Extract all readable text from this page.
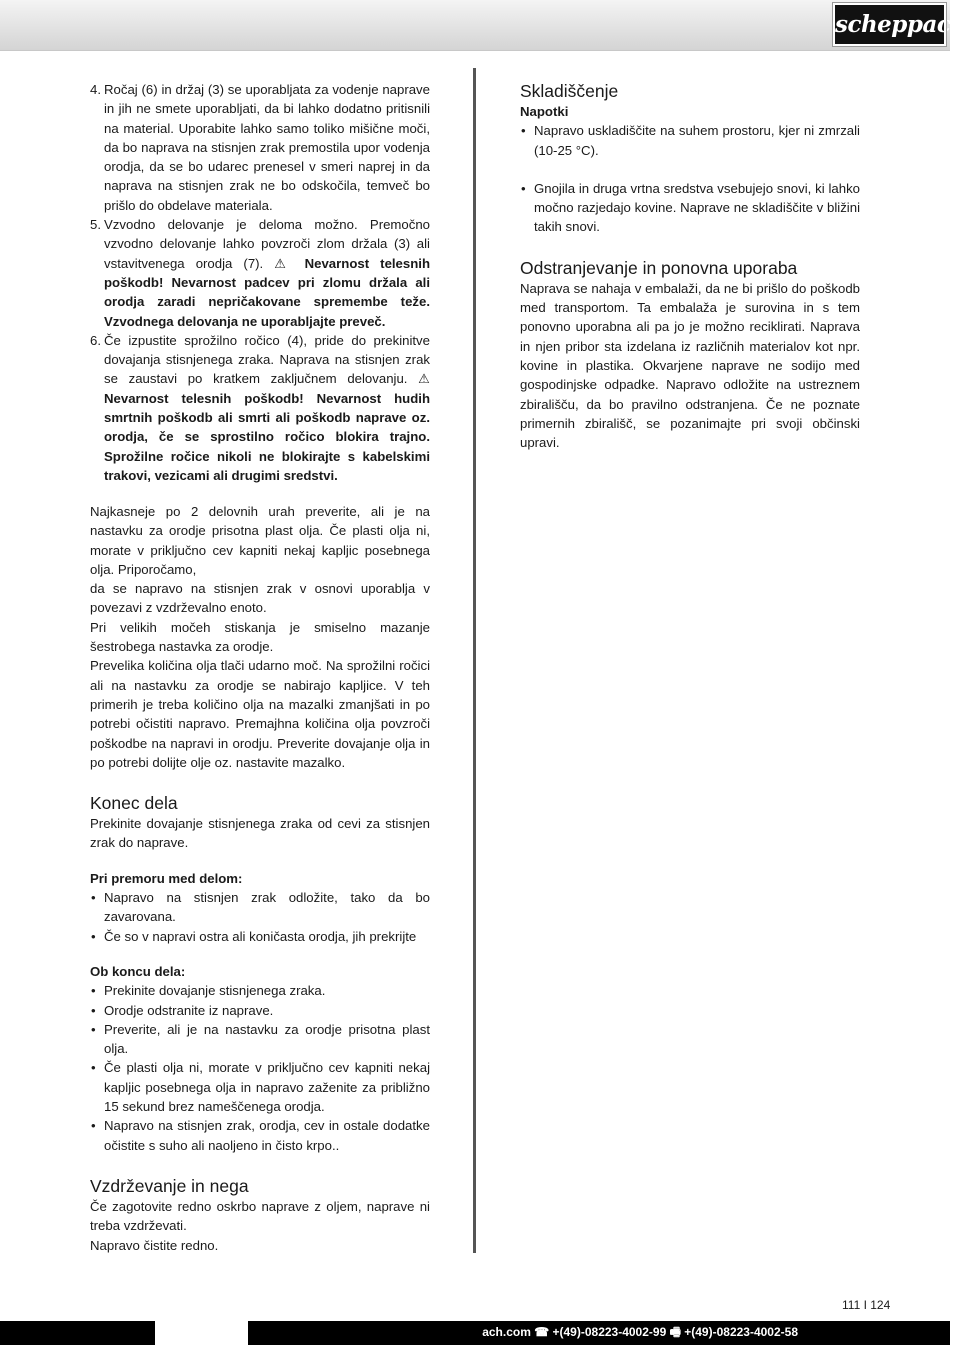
scheppach
4. Ročaj (6) in držaj (3) se uporabljata za vodenje naprave in jih ne smete uporabljati, da bi lahko dodatno pritisnili na material. Uporabite lahko samo toliko mišične moči, da bo naprava na stisnjen zrak premostila upor vodenja orodja, da se bo udarec prenesel v smeri naprej in da naprava na stisnjen zrak ne bo odskočila, temveč bo prišlo do obdelave materiala.
5. Vzvodno delovanje je deloma možno. Premočno vzvodno delovanje lahko povzroči zlom držala (3) ali vstavitvenega orodja (7). ⚠ Nevarnost telesnih poškodb! Nevarnost padcev pri zlomu držala ali orodja zaradi nepričakovane spremembe teže. Vzvodnega delovanja ne uporabljajte preveč.
6. Če izpustite sprožilno ročico (4), pride do prekinitve dovajanja stisnjenega zraka. Naprava na stisnjen zrak se zaustavi po kratkem zaključnem delovanju. ⚠ Nevarnost telesnih poškodb! Nevarnost hudih smrtnih poškodb ali smrti ali poškodb naprave oz. orodja, če se sprostilno ročico blokira trajno. Sprožilne ročice nikoli ne blokirajte s kabelskimi trakovi, vezicami ali drugimi sredstvi.

Najkasneje po 2 delovnih urah preverite, ali je na nastavku za orodje prisotna plast olja. Če plasti olja ni, morate v priključno cev kapniti nekaj kapljic posebnega olja. Priporočamo,

da se napravo na stisnjen zrak v osnovi uporablja v povezavi z vzdrževalno enoto.

Pri velikih močeh stiskanja je smiselno mazanje šestrobega nastavka za orodje.

Prevelika količina olja tlači udarno moč. Na sprožilni ročici ali na nastavku za orodje se nabirajo kapljice. V teh primerih je treba količino olja na mazalki zmanjšati in po potrebi očistiti napravo. Premajhna količina olja povzroči poškodbe na napravi in orodju. Preverite dovajanje olja in po potrebi dolijte olje oz. nastavite mazalko.

Konec dela

Prekinite dovajanje stisnjenega zraka od cevi za stisnjen zrak do naprave.

Pri premoru med delom:
• Napravo na stisnjen zrak odložite, tako da bo zavarovana.
• Če so v napravi ostra ali koničasta orodja, jih prekrijte
Ob koncu dela:
• Prekinite dovajanje stisnjenega zraka.
• Orodje odstranite iz naprave.
• Preverite, ali je na nastavku za orodje prisotna plast olja.
• Če plasti olja ni, morate v priključno cev kapniti nekaj kapljic posebnega olja in napravo zaženite za približno 15 sekund brez nameščenega orodja.
• Napravo na stisnjen zrak, orodja, cev in ostale dodatke očistite s suho ali naoljeno in čisto krpo..
Vzdrževanje in nega

Če zagotovite redno oskrbo naprave z oljem, naprave ni treba vzdrževati.

Napravo čistite redno.

Skladiščenje
Napotki
• Napravo uskladiščite na suhem prostoru, kjer ni zmrzali (10-25 °C).
• Gnojila in druga vrtna sredstva vsebujejo snovi, ki lahko močno razjedajo kovine. Naprave ne skladiščite v bližini takih snovi.
Odstranjevanje in ponovna uporaba

Naprava se nahaja v embalaži, da ne bi prišlo do poškodb med transportom. Ta embalaža je surovina in s tem ponovno uporabna ali pa jo je možno reciklirati. Naprava in njen pribor sta izdelana iz različnih materialov kot npr. kovine in plastika. Okvarjene naprave ne sodijo med gospodinjske odpadke. Napravo odložite na ustreznem zbirališču, da bo pravilno odstranjena. Če ne poznate primernih zbirališč, se pozanimajte pri svoji občinski upravi.

111 I 124
ach.com ☎ +(49)-08223-4002-99 🖷 +(49)-08223-4002-58
